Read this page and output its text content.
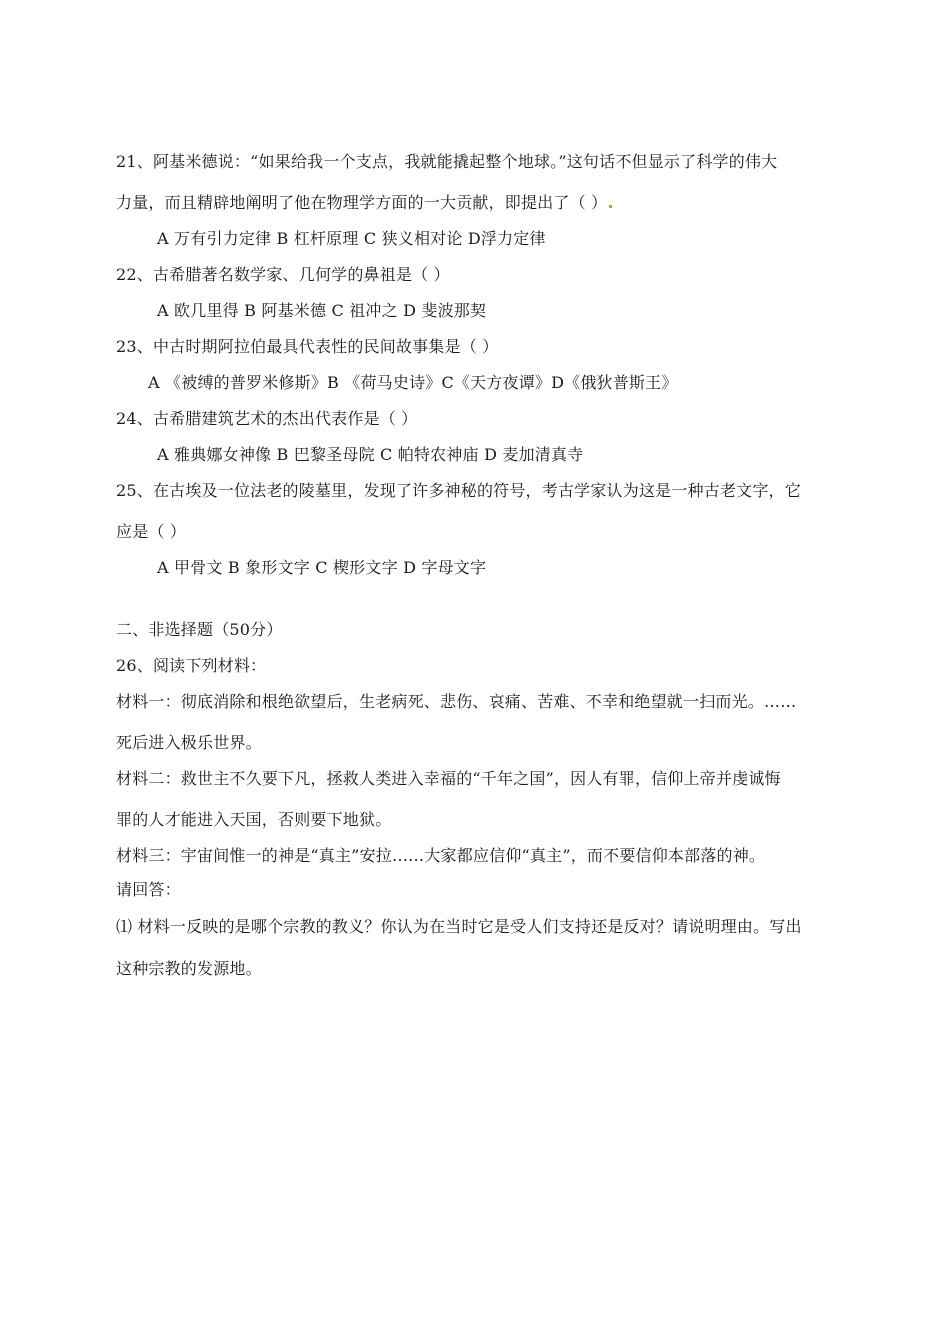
21、阿基米德说：“如果给我一个支点，我就能撬起整个地球。”这句话不但显示了科学的伟大
力量，而且精辟地阐明了他在物理学方面的一大贡献，即提出了（ ）
A 万有引力定律 B 杠杆原理 C 狭义相对论 D浮力定律
22、古希腊著名数学家、几何学的鼻祖是（ ）
A 欧几里得 B 阿基米德 C 祖冲之 D 斐波那契
23、中古时期阿拉伯最具代表性的民间故事集是（ ）
A 《被缚的普罗米修斯》B 《荷马史诗》C《天方夜谭》D《俄狄普斯王》
24、古希腊建筑艺术的杰出代表作是（ ）
A 雅典娜女神像 B 巴黎圣母院 C 帕特农神庙 D 麦加清真寺
25、在古埃及一位法老的陵墓里，发现了许多神秘的符号，考古学家认为这是一种古老文字，它
应是（ ）
A 甲骨文 B 象形文字 C 楔形文字 D 字母文字
二、非选择题（50分）
26、阅读下列材料：
材料一：彻底消除和根绝欲望后，生老病死、悲伤、哀痛、苦难、不幸和绝望就一扫而光。……
死后进入极乐世界。
材料二：救世主不久要下凡，拯救人类进入幸福的“千年之国”，因人有罪，信仰上帝并虔诚悔
罪的人才能进入天国，否则要下地狱。
材料三：宇宙间惟一的神是“真主”安拉……大家都应信仰“真主”，而不要信仰本部落的神。
请回答：
⑴ 材料一反映的是哪个宗教的教义？你认为在当时它是受人们支持还是反对？请说明理由。写出
这种宗教的发源地。
